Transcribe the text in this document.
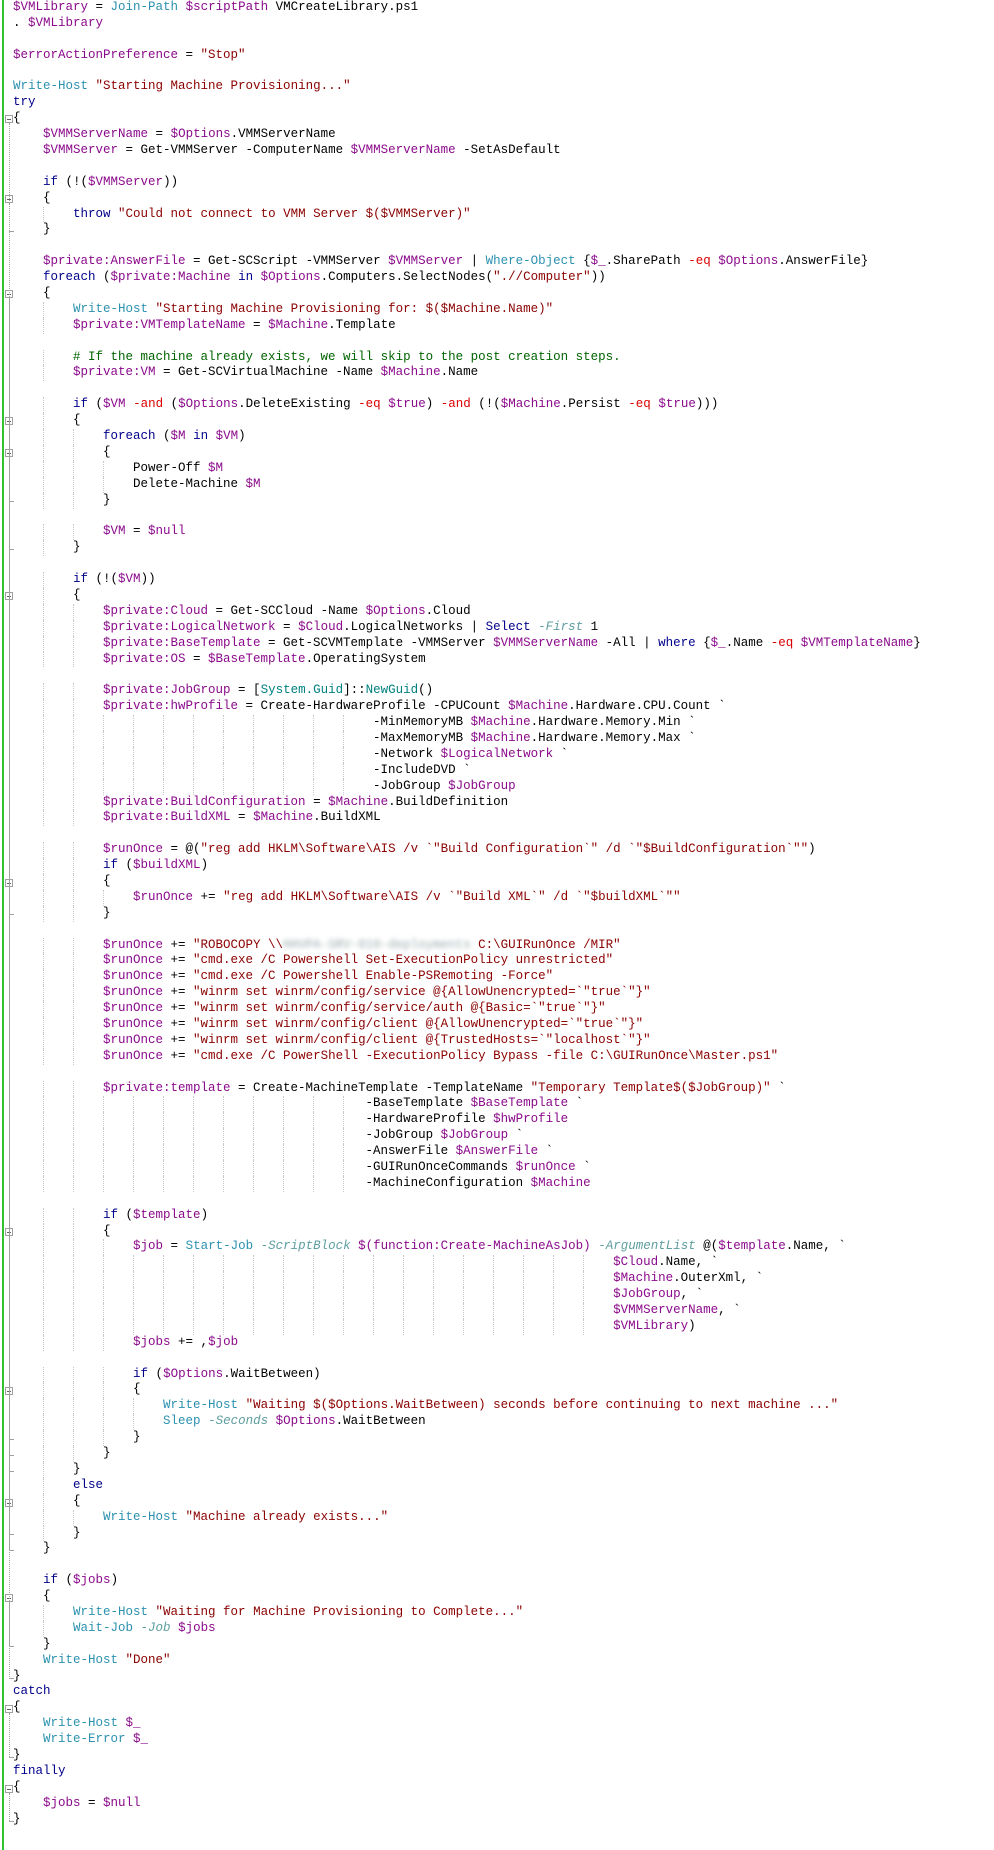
$VMLibrary = Join-Path $scriptPath VMCreateLibrary.ps1
. $VMLibrary

$errorActionPreference = "Stop"

Write-Host "Starting Machine Provisioning..."
try
{
$VMMServerName = $Options.VMMServerName
$VMMServer = Get-VMMServer -ComputerName $VMMServerName -SetAsDefault

if (!($VMMServer))
{
throw "Could not connect to VMM Server $($VMMServer)"
}

$private:AnswerFile = Get-SCScript -VMMServer $VMMServer | Where-Object {$_.SharePath -eq $Options.AnswerFile}
foreach ($private:Machine in $Options.Computers.SelectNodes(".//Computer"))
{
Write-Host "Starting Machine Provisioning for: $($Machine.Name)"
$private:VMTemplateName = $Machine.Template

# If the machine already exists, we will skip to the post creation steps.
$private:VM = Get-SCVirtualMachine -Name $Machine.Name

if ($VM -and ($Options.DeleteExisting -eq $true) -and (!($Machine.Persist -eq $true)))
{
foreach ($M in $VM)
{
Power-Off $M
Delete-Machine $M
}

$VM = $null
}

if (!($VM))
{
$private:Cloud = Get-SCCloud -Name $Options.Cloud
$private:LogicalNetwork = $Cloud.LogicalNetworks | Select -First 1
$private:BaseTemplate = Get-SCVMTemplate -VMMServer $VMMServerName -All | where {$_.Name -eq $VMTemplateName}
$private:OS = $BaseTemplate.OperatingSystem

$private:JobGroup = [System.Guid]::NewGuid()
$private:hwProfile = Create-HardwareProfile -CPUCount $Machine.Hardware.CPU.Count `
-MinMemoryMB $Machine.Hardware.Memory.Min `
-MaxMemoryMB $Machine.Hardware.Memory.Max `
-Network $LogicalNetwork `
-IncludeDVD `
-JobGroup $JobGroup
$private:BuildConfiguration = $Machine.BuildDefinition
$private:BuildXML = $Machine.BuildXML

$runOnce = @("reg add HKLM\Software\AIS /v `"Build Configuration`" /d `"$BuildConfiguration`"")
if ($buildXML)
{
$runOnce += "reg add HKLM\Software\AIS /v `"Build XML`" /d `"$buildXML`""
}

$runOnce += "ROBOCOPY \\HHVPA-SRV-010-deployments C:\GUIRunOnce /MIR"
$runOnce += "cmd.exe /C Powershell Set-ExecutionPolicy unrestricted"
$runOnce += "cmd.exe /C Powershell Enable-PSRemoting -Force"
$runOnce += "winrm set winrm/config/service @{AllowUnencrypted=`"true`"}"
$runOnce += "winrm set winrm/config/service/auth @{Basic=`"true`"}"
$runOnce += "winrm set winrm/config/client @{AllowUnencrypted=`"true`"}"
$runOnce += "winrm set winrm/config/client @{TrustedHosts=`"localhost`"}"
$runOnce += "cmd.exe /C PowerShell -ExecutionPolicy Bypass -file C:\GUIRunOnce\Master.ps1"

$private:template = Create-MachineTemplate -TemplateName "Temporary Template$($JobGroup)" `
-BaseTemplate $BaseTemplate `
-HardwareProfile $hwProfile
-JobGroup $JobGroup `
-AnswerFile $AnswerFile `
-GUIRunOnceCommands $runOnce `
-MachineConfiguration $Machine

if ($template)
{
$job = Start-Job -ScriptBlock $(function:Create-MachineAsJob) -ArgumentList @($template.Name, `
$Cloud.Name, `
$Machine.OuterXml, `
$JobGroup, `
$VMMServerName, `
$VMLibrary)
$jobs += ,$job

if ($Options.WaitBetween)
{
Write-Host "Waiting $($Options.WaitBetween) seconds before continuing to next machine ..."
Sleep -Seconds $Options.WaitBetween
}
}
}
else
{
Write-Host "Machine already exists..."
}
}

if ($jobs)
{
Write-Host "Waiting for Machine Provisioning to Complete..."
Wait-Job -Job $jobs
}
Write-Host "Done"
}
catch
{
Write-Host $_
Write-Error $_
}
finally
{
$jobs = $null
}
